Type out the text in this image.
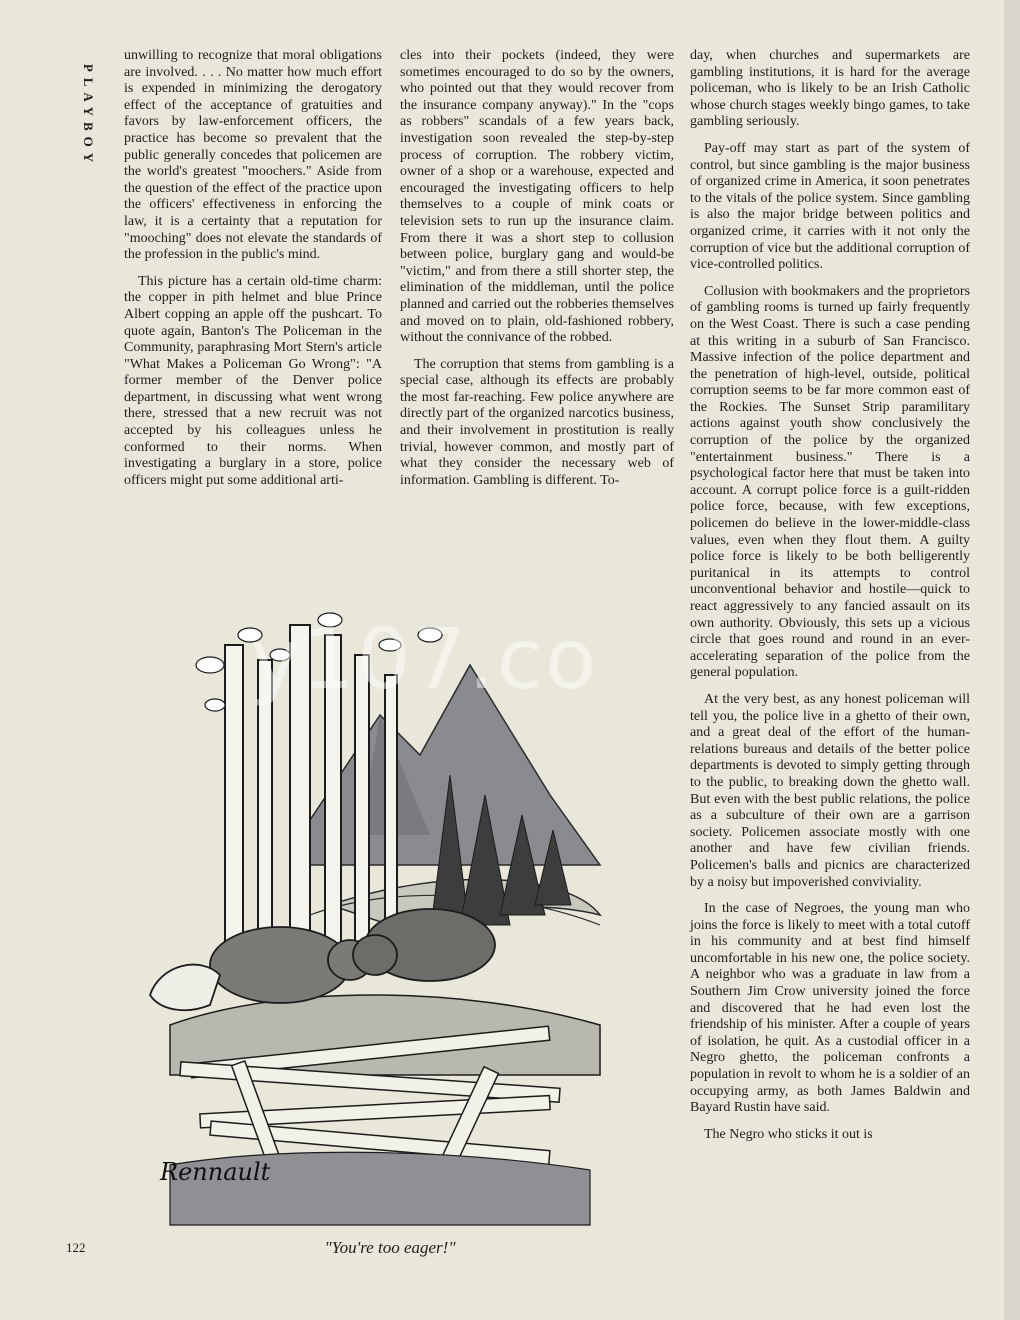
PLAYBOY

unwilling to recognize that moral obligations are involved. . . . No matter how much effort is expended in minimizing the derogatory effect of the acceptance of gratuities and favors by law-enforcement officers, the practice has become so prevalent that the public generally concedes that policemen are the world's greatest "moochers." Aside from the question of the effect of the practice upon the officers' effectiveness in enforcing the law, it is a certainty that a reputation for "mooching" does not elevate the standards of the profession in the public's mind.

This picture has a certain old-time charm: the copper in pith helmet and blue Prince Albert copping an apple off the pushcart. To quote again, Banton's The Policeman in the Community, paraphrasing Mort Stern's article "What Makes a Policeman Go Wrong": "A former member of the Denver police department, in discussing what went wrong there, stressed that a new recruit was not accepted by his colleagues unless he conformed to their norms. When investigating a burglary in a store, police officers might put some additional arti-

cles into their pockets (indeed, they were sometimes encouraged to do so by the owners, who pointed out that they would recover from the insurance company anyway)." In the "cops as robbers" scandals of a few years back, investigation soon revealed the step-by-step process of corruption. The robbery victim, owner of a shop or a warehouse, expected and encouraged the investigating officers to help themselves to a couple of mink coats or television sets to run up the insurance claim. From there it was a short step to collusion between police, burglary gang and would-be "victim," and from there a still shorter step, the elimination of the middleman, until the police planned and carried out the robberies themselves and moved on to plain, old-fashioned robbery, without the connivance of the robbed.

The corruption that stems from gambling is a special case, although its effects are probably the most far-reaching. Few police anywhere are directly part of the organized narcotics business, and their involvement in prostitution is really trivial, however common, and mostly part of what they consider the necessary web of information. Gambling is different. To-

day, when churches and supermarkets are gambling institutions, it is hard for the average policeman, who is likely to be an Irish Catholic whose church stages weekly bingo games, to take gambling seriously.

Pay-off may start as part of the system of control, but since gambling is the major business of organized crime in America, it soon penetrates to the vitals of the police system. Since gambling is also the major bridge between politics and organized crime, it carries with it not only the corruption of vice but the additional corruption of vice-controlled politics.

Collusion with bookmakers and the proprietors of gambling rooms is turned up fairly frequently on the West Coast. There is such a case pending at this writing in a suburb of San Francisco. Massive infection of the police department and the penetration of high-level, outside, political corruption seems to be far more common east of the Rockies. The Sunset Strip paramilitary actions against youth show conclusively the corruption of the police by the organized "entertainment business." There is a psychological factor here that must be taken into account. A corrupt police force is a guilt-ridden police force, because, with few exceptions, policemen do believe in the lower-middle-class values, even when they flout them. A guilty police force is likely to be both belligerently puritanical in its attempts to control unconventional behavior and hostile—quick to react aggressively to any fancied assault on its own authority. Obviously, this sets up a vicious circle that goes round and round in an ever-accelerating separation of the police from the general population.

At the very best, as any honest policeman will tell you, the police live in a ghetto of their own, and a great deal of the effort of the human-relations bureaus and details of the better police departments is devoted to simply getting through to the public, to breaking down the ghetto wall. But even with the best public relations, the police as a subculture of their own are a garrison society. Policemen associate mostly with one another and have few civilian friends. Policemen's balls and picnics are characterized by a noisy but impoverished conviviality.

In the case of Negroes, the young man who joins the force is likely to meet with a total cutoff in his community and at best find himself uncomfortable in his new one, the police society. A neighbor who was a graduate in law from a Southern Jim Crow university joined the force and discovered that he had even lost the friendship of his minister. After a couple of years of isolation, he quit. As a custodial officer in a Negro ghetto, the policeman confronts a population in revolt to whom he is a soldier of an occupying army, as both James Baldwin and Bayard Rustin have said.

The Negro who sticks it out is

Rennault
y107.co
"You're too eager!"
122
